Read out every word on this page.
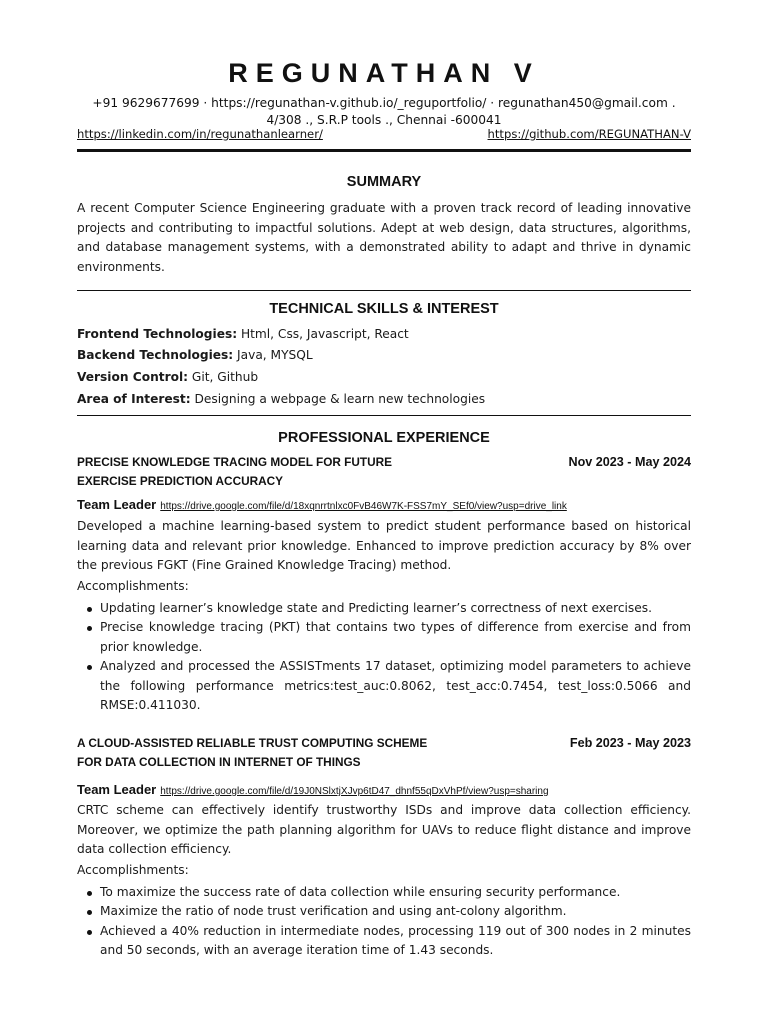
REGUNATHAN V
+91 9629677699 · https://regunathan-v.github.io/_reguportfolio/ · regunathan450@gmail.com .
4/308 ., S.R.P tools ., Chennai -600041
https://linkedin.com/in/regunathanlearner/	https://github.com/REGUNATHAN-V
SUMMARY
A recent Computer Science Engineering graduate with a proven track record of leading innovative projects and contributing to impactful solutions. Adept at web design, data structures, algorithms, and database management systems, with a demonstrated ability to adapt and thrive in dynamic environments.
TECHNICAL SKILLS & INTEREST
Frontend Technologies: Html, Css, Javascript, React
Backend Technologies: Java, MYSQL
Version Control: Git, Github
Area of Interest: Designing a webpage & learn new technologies
PROFESSIONAL EXPERIENCE
PRECISE KNOWLEDGE TRACING MODEL FOR FUTURE
EXERCISE PREDICTION ACCURACY
Nov 2023 - May 2024
Team Leader https://drive.google.com/file/d/18xqnrrtnlxc0FvB46W7K-FSS7mY_SEf0/view?usp=drive_link
Developed a machine learning-based system to predict student performance based on historical learning data and relevant prior knowledge. Enhanced to improve prediction accuracy by 8% over the previous FGKT (Fine Grained Knowledge Tracing) method.
Accomplishments:
Updating learner’s knowledge state and Predicting learner’s correctness of next exercises.
Precise knowledge tracing (PKT) that contains two types of difference from exercise and from prior knowledge.
Analyzed and processed the ASSISTments 17 dataset, optimizing model parameters to achieve the following performance metrics:test_auc:0.8062, test_acc:0.7454, test_loss:0.5066 and RMSE:0.411030.
A CLOUD-ASSISTED RELIABLE TRUST COMPUTING SCHEME
FOR DATA COLLECTION IN INTERNET OF THINGS
Feb 2023 - May 2023
Team Leader https://drive.google.com/file/d/19J0NSlxtjXJvp6tD47_dhnf55qDxVhPf/view?usp=sharing
CRTC scheme can effectively identify trustworthy ISDs and improve data collection efficiency. Moreover, we optimize the path planning algorithm for UAVs to reduce flight distance and improve data collection efficiency.
Accomplishments:
To maximize the success rate of data collection while ensuring security performance.
Maximize the ratio of node trust verification and using ant-colony algorithm.
Achieved a 40% reduction in intermediate nodes, processing 119 out of 300 nodes in 2 minutes and 50 seconds, with an average iteration time of 1.43 seconds.
